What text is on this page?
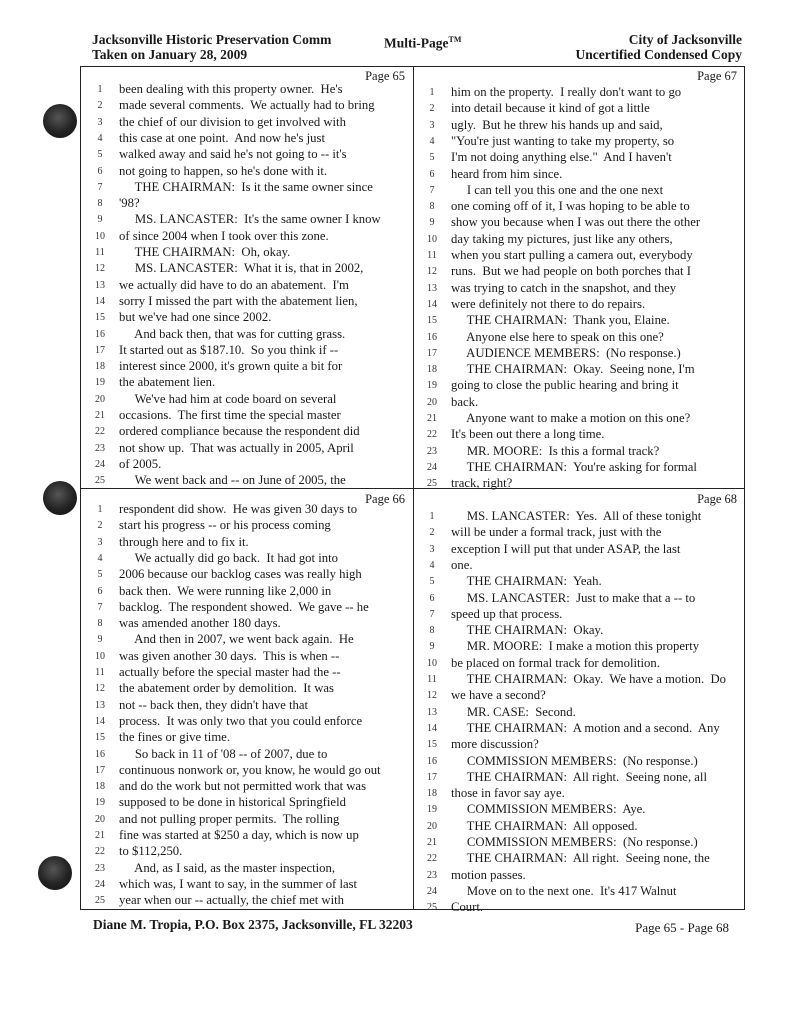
Jacksonville Historic Preservation Comm
Taken on January 28, 2009
Multi-Page™	City of Jacksonville
Uncertified Condensed Copy
Page 65
1	been dealing with this property owner.  He's
2	made several comments.  We actually had to bring
3	the chief of our division to get involved with
4	this case at one point.  And now he's just
5	walked away and said he's not going to -- it's
6	not going to happen, so he's done with it.
7	THE CHAIRMAN:  Is it the same owner since
8	'98?
9	MS. LANCASTER:  It's the same owner I know
10	of since 2004 when I took over this zone.
11	THE CHAIRMAN:  Oh, okay.
12	MS. LANCASTER:  What it is, that in 2002,
13	we actually did have to do an abatement.  I'm
14	sorry I missed the part with the abatement lien,
15	but we've had one since 2002.
16	And back then, that was for cutting grass.
17	It started out as $187.10.  So you think if --
18	interest since 2000, it's grown quite a bit for
19	the abatement lien.
20	We've had him at code board on several
21	occasions.  The first time the special master
22	ordered compliance because the respondent did
23	not show up.  That was actually in 2005, April
24	of 2005.
25	We went back and -- on June of 2005, the
Page 67
1	him on the property.  I really don't want to go
2	into detail because it kind of got a little
3	ugly.  But he threw his hands up and said,
4	"You're just wanting to take my property, so
5	I'm not doing anything else."  And I haven't
6	heard from him since.
7	I can tell you this one and the one next
8	one coming off of it, I was hoping to be able to
9	show you because when I was out there the other
10	day taking my pictures, just like any others,
11	when you start pulling a camera out, everybody
12	runs.  But we had people on both porches that I
13	was trying to catch in the snapshot, and they
14	were definitely not there to do repairs.
15	THE CHAIRMAN:  Thank you, Elaine.
16	Anyone else here to speak on this one?
17	AUDIENCE MEMBERS:  (No response.)
18	THE CHAIRMAN:  Okay.  Seeing none, I'm
19	going to close the public hearing and bring it
20	back.
21	Anyone want to make a motion on this one?
22	It's been out there a long time.
23	MR. MOORE:  Is this a formal track?
24	THE CHAIRMAN:  You're asking for formal
25	track, right?
Page 66
1	respondent did show.  He was given 30 days to
2	start his progress -- or his process coming
3	through here and to fix it.
4	We actually did go back.  It had got into
5	2006 because our backlog cases was really high
6	back then.  We were running like 2,000 in
7	backlog.  The respondent showed.  We gave -- he
8	was amended another 180 days.
9	And then in 2007, we went back again.  He
10	was given another 30 days.  This is when --
11	actually before the special master had the --
12	the abatement order by demolition.  It was
13	not -- back then, they didn't have that
14	process.  It was only two that you could enforce
15	the fines or give time.
16	So back in 11 of '08 -- of 2007, due to
17	continuous nonwork or, you know, he would go out
18	and do the work but not permitted work that was
19	supposed to be done in historical Springfield
20	and not pulling proper permits.  The rolling
21	fine was started at $250 a day, which is now up
22	to $112,250.
23	And, as I said, as the master inspection,
24	which was, I want to say, in the summer of last
25	year when our -- actually, the chief met with
Page 68
1	MS. LANCASTER:  Yes.  All of these tonight
2	will be under a formal track, just with the
3	exception I will put that under ASAP, the last
4	one.
5	THE CHAIRMAN:  Yeah.
6	MS. LANCASTER:  Just to make that a -- to
7	speed up that process.
8	THE CHAIRMAN:  Okay.
9	MR. MOORE:  I make a motion this property
10	be placed on formal track for demolition.
11	THE CHAIRMAN:  Okay.  We have a motion.  Do
12	we have a second?
13	MR. CASE:  Second.
14	THE CHAIRMAN:  A motion and a second.  Any
15	more discussion?
16	COMMISSION MEMBERS:  (No response.)
17	THE CHAIRMAN:  All right.  Seeing none, all
18	those in favor say aye.
19	COMMISSION MEMBERS:  Aye.
20	THE CHAIRMAN:  All opposed.
21	COMMISSION MEMBERS:  (No response.)
22	THE CHAIRMAN:  All right.  Seeing none, the
23	motion passes.
24	Move on to the next one.  It's 417 Walnut
25	Court.
Diane M. Tropia, P.O. Box 2375, Jacksonville, FL 32203	Page 65 - Page 68
